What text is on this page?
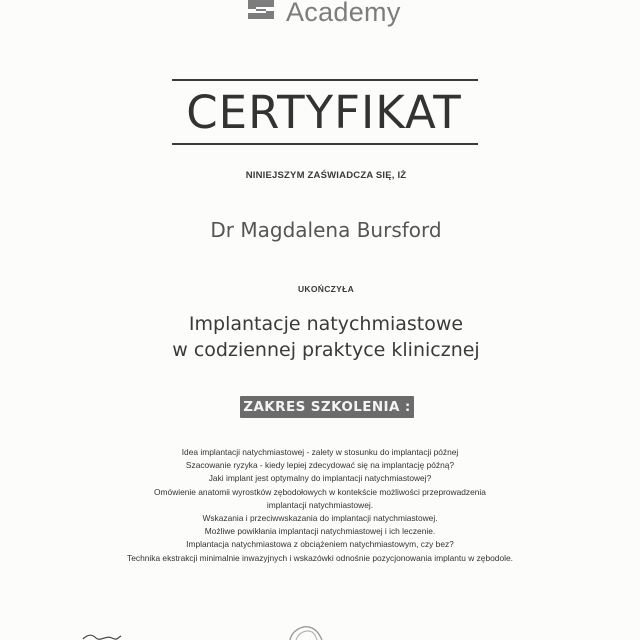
Academy
CERTYFIKAT
NINIEJSZYM ZAŚWIADCZA SIĘ, IŻ
Dr Magdalena Bursford
UKOŃCZYŁA
Implantacje natychmiastowe
w codziennej praktyce klinicznej
ZAKRES SZKOLENIA :
Idea implantacji natychmiastowej - zalety w stosunku do implantacji późnej
Szacowanie ryzyka - kiedy lepiej zdecydować się na implantację późną?
Jaki implant jest optymalny do implantacji natychmiastowej?
Omówienie anatomii wyrostków zębodołowych w kontekście możliwości przeprowadzenia
implantacji natychmiastowej.
Wskazania i przeciwwskazania do implantacji natychmiastowej.
Możliwe powikłania implantacji natychmiastowej i ich leczenie.
Implantacja natychmiastowa z obciążeniem natychmiastowym, czy bez?
Technika ekstrakcji minimalnie inwazyjnych i wskazówki odnośnie pozycjonowania implantu w zębodole.
